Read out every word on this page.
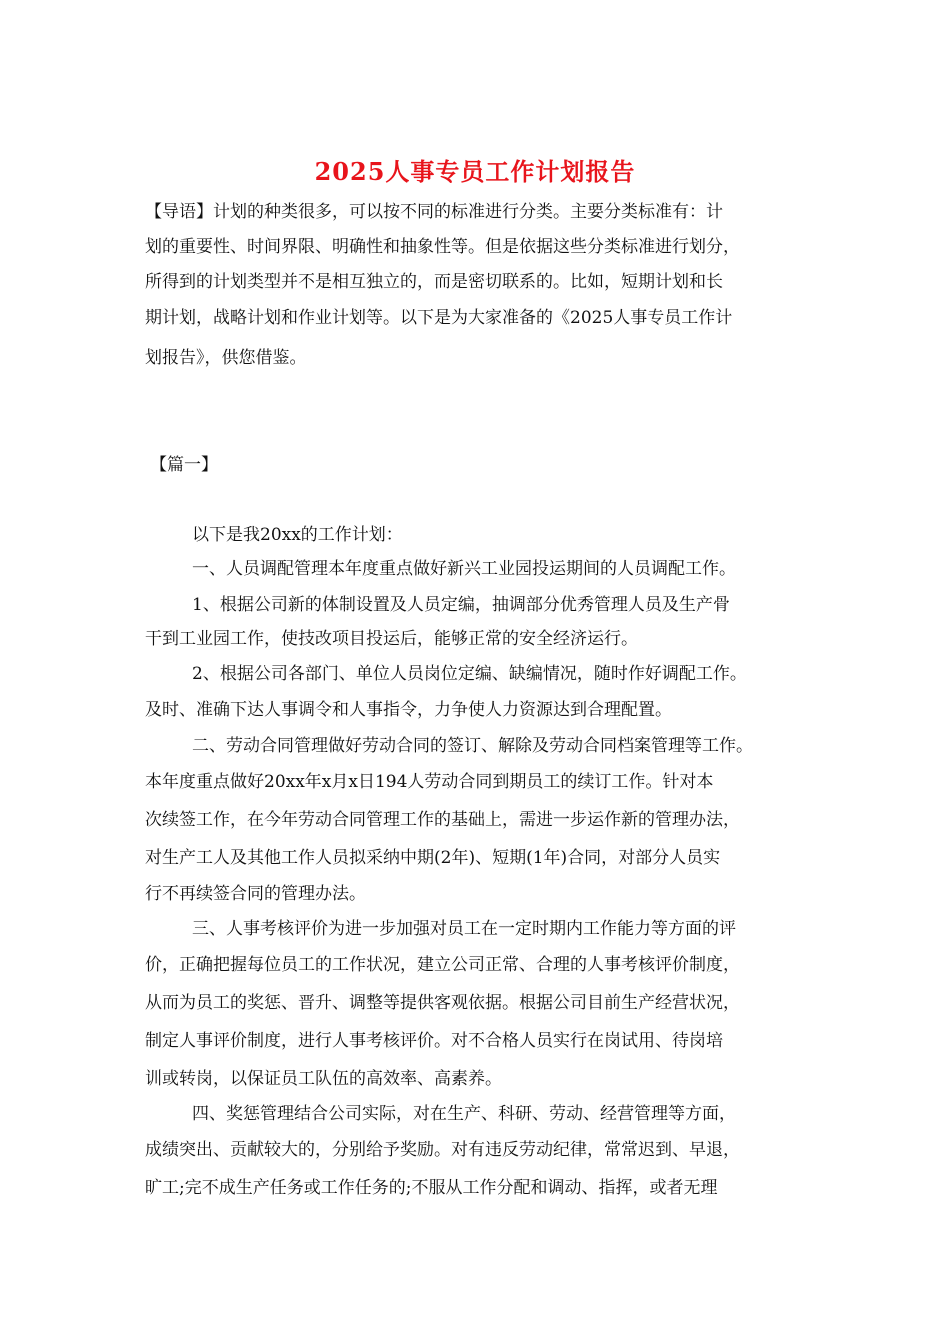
2025人事专员工作计划报告
【导语】计划的种类很多，可以按不同的标准进行分类。主要分类标准有：计
划的重要性、时间界限、明确性和抽象性等。但是依据这些分类标准进行划分，
所得到的计划类型并不是相互独立的，而是密切联系的。比如，短期计划和长
期计划，战略计划和作业计划等。以下是为大家准备的《2025人事专员工作计
划报告》，供您借鉴。
【篇一】
以下是我20xx的工作计划：
一、人员调配管理本年度重点做好新兴工业园投运期间的人员调配工作。
1、根据公司新的体制设置及人员定编，抽调部分优秀管理人员及生产骨
干到工业园工作，使技改项目投运后，能够正常的安全经济运行。
2、根据公司各部门、单位人员岗位定编、缺编情况，随时作好调配工作。
及时、准确下达人事调令和人事指令，力争使人力资源达到合理配置。
二、劳动合同管理做好劳动合同的签订、解除及劳动合同档案管理等工作。
本年度重点做好20xx年x月x日194人劳动合同到期员工的续订工作。针对本
次续签工作，在今年劳动合同管理工作的基础上，需进一步运作新的管理办法，
对生产工人及其他工作人员拟采纳中期(2年)、短期(1年)合同，对部分人员实
行不再续签合同的管理办法。
三、人事考核评价为进一步加强对员工在一定时期内工作能力等方面的评
价，正确把握每位员工的工作状况，建立公司正常、合理的人事考核评价制度，
从而为员工的奖惩、晋升、调整等提供客观依据。根据公司目前生产经营状况，
制定人事评价制度，进行人事考核评价。对不合格人员实行在岗试用、待岗培
训或转岗，以保证员工队伍的高效率、高素养。
四、奖惩管理结合公司实际，对在生产、科研、劳动、经营管理等方面，
成绩突出、贡献较大的，分别给予奖励。对有违反劳动纪律，常常迟到、早退，
旷工;完不成生产任务或工作任务的;不服从工作分配和调动、指挥，或者无理
